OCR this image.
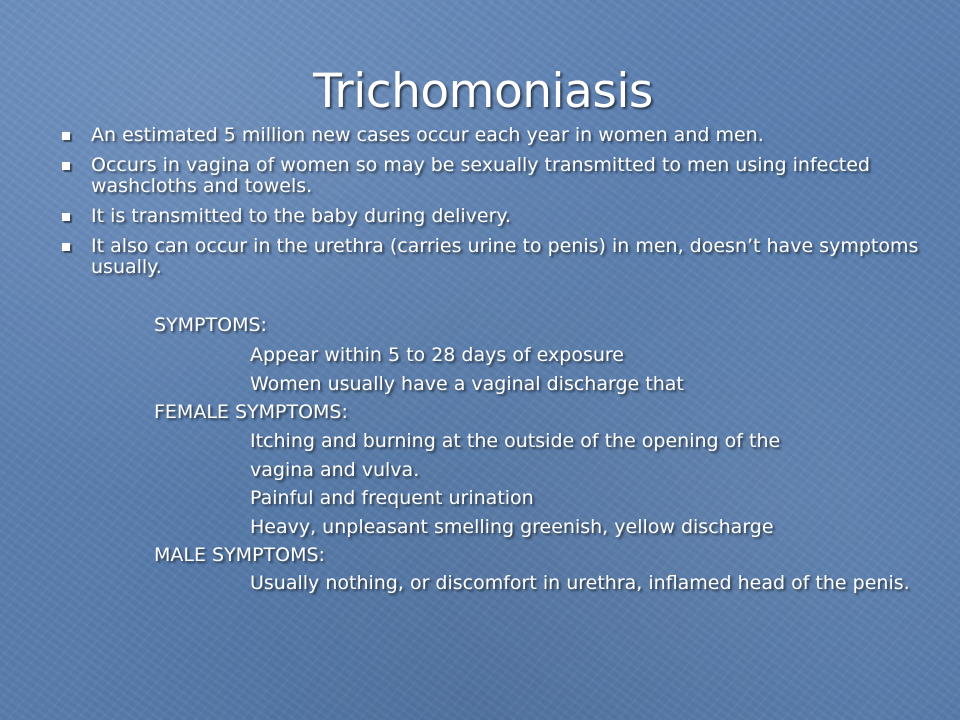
Trichomoniasis
An estimated 5 million new cases occur each year in women and men.
Occurs in vagina of women so may be sexually transmitted to men using infected washcloths and towels.
It is transmitted to the baby during delivery.
It also can occur in the urethra (carries urine to penis) in men, doesn’t have symptoms usually.
SYMPTOMS:
Appear within 5 to 28 days of exposure
Women usually have a vaginal discharge that
FEMALE SYMPTOMS:
Itching and burning at the outside of the opening of the
vagina and vulva.
Painful and frequent urination
Heavy, unpleasant smelling greenish, yellow discharge
MALE SYMPTOMS:
Usually nothing, or discomfort in urethra, inflamed head of the penis.
